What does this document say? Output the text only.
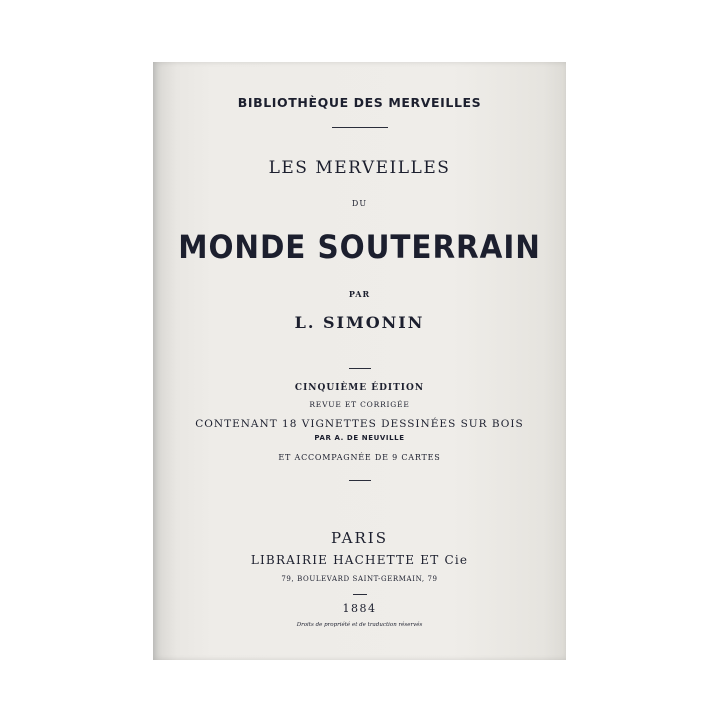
BIBLIOTHÈQUE DES MERVEILLES
LES MERVEILLES
DU
MONDE SOUTERRAIN
PAR
L. SIMONIN
CINQUIÈME ÉDITION
REVUE ET CORRIGÉE
CONTENANT 18 VIGNETTES DESSINÉES SUR BOIS
PAR A. DE NEUVILLE
ET ACCOMPAGNÉE DE 9 CARTES
PARIS
LIBRAIRIE HACHETTE ET Cie
79, BOULEVARD SAINT-GERMAIN, 79
1884
Droits de propriété et de traduction réservés
